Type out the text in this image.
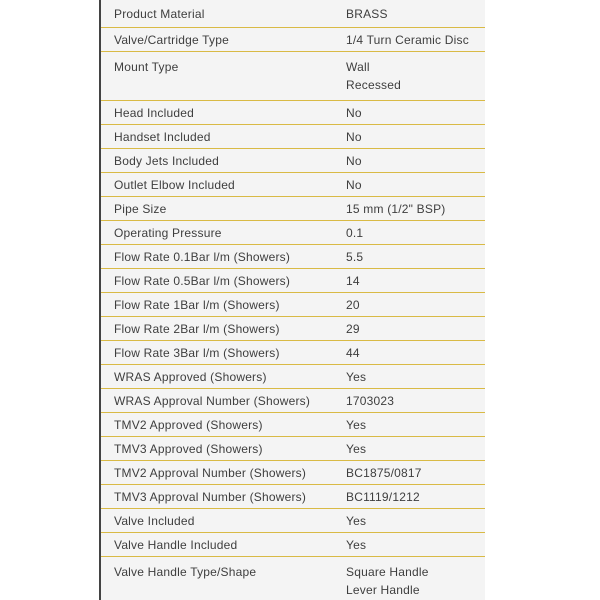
Product Material	BRASS
Valve/Cartridge Type	1/4 Turn Ceramic Disc
Mount Type	Wall
Recessed
Head Included	No
Handset Included	No
Body Jets Included	No
Outlet Elbow Included	No
Pipe Size	15 mm (1/2" BSP)
Operating Pressure	0.1
Flow Rate 0.1Bar l/m (Showers)	5.5
Flow Rate 0.5Bar l/m (Showers)	14
Flow Rate 1Bar l/m (Showers)	20
Flow Rate 2Bar l/m (Showers)	29
Flow Rate 3Bar l/m (Showers)	44
WRAS Approved (Showers)	Yes
WRAS Approval Number (Showers)	1703023
TMV2 Approved (Showers)	Yes
TMV3 Approved (Showers)	Yes
TMV2 Approval Number (Showers)	BC1875/0817
TMV3 Approval Number (Showers)	BC1119/1212
Valve Included	Yes
Valve Handle Included	Yes
Valve Handle Type/Shape	Square Handle
Lever Handle
